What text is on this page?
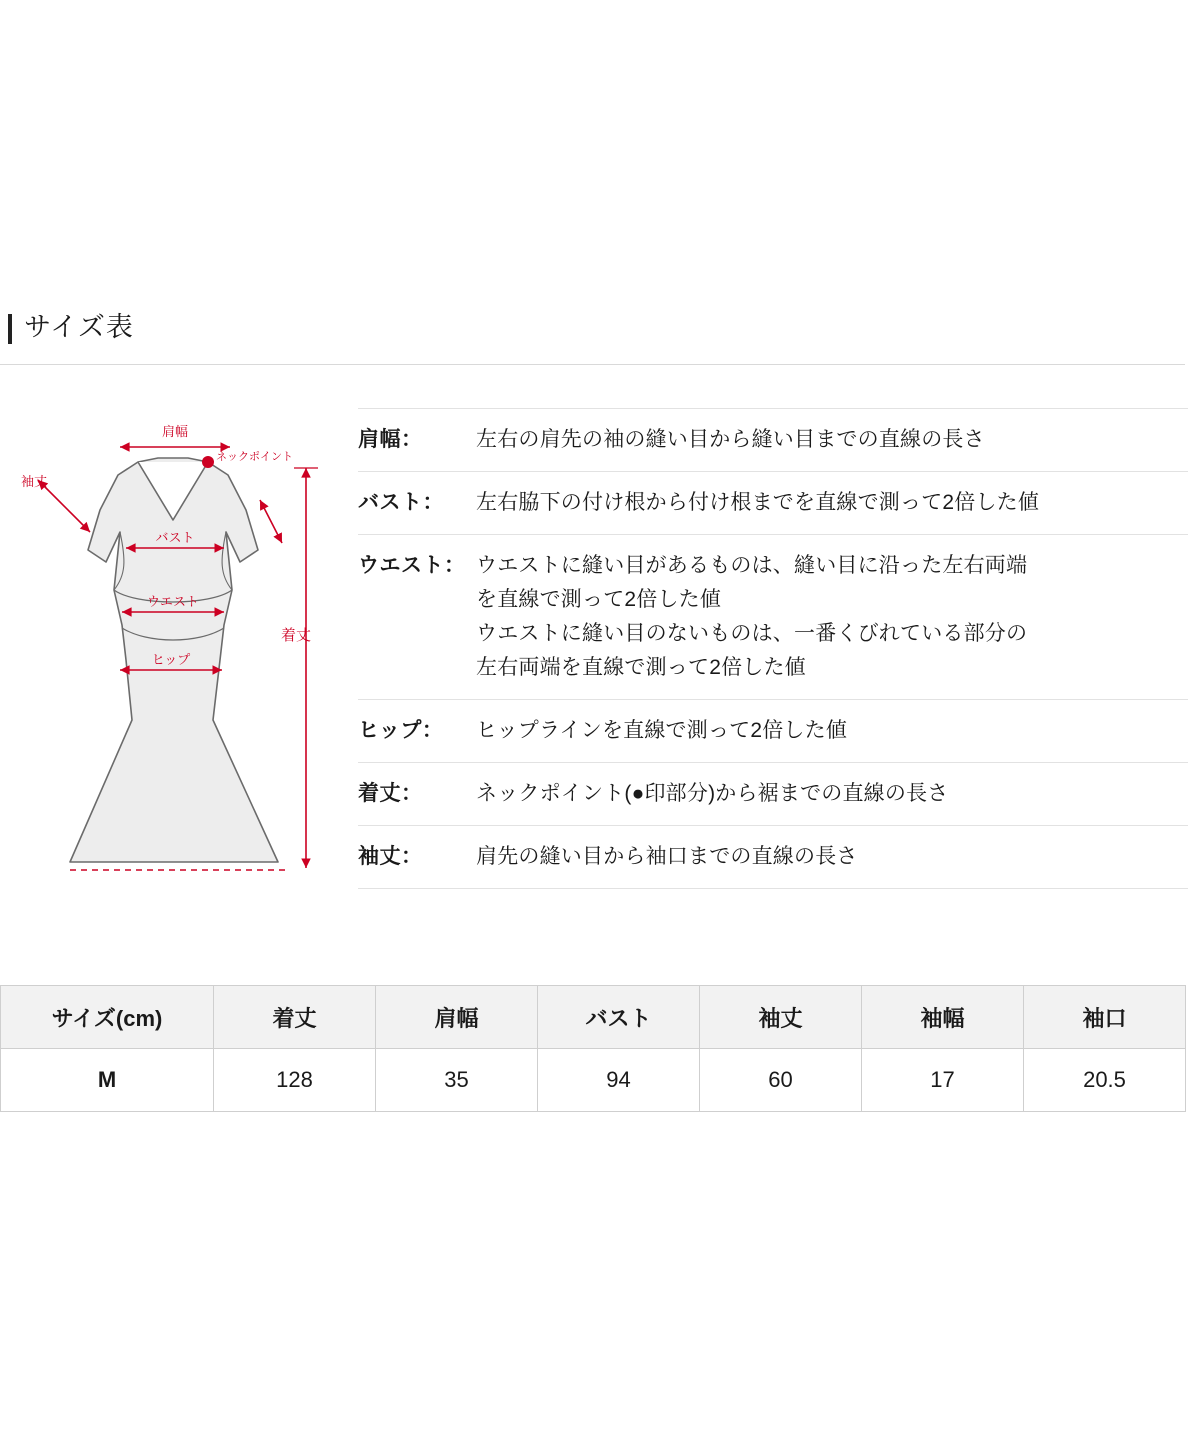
サイズ表
肩幅
ネックポイント
袖丈
バスト
ウエスト
ヒップ
着丈
肩幅：	左右の肩先の袖の縫い目から縫い目までの直線の長さ
バスト：	左右脇下の付け根から付け根までを直線で測って2倍した値
ウエスト： ウエストに縫い目があるものは、縫い目に沿った左右両端
を直線で測って2倍した値
ウエストに縫い目のないものは、一番くびれている部分の
左右両端を直線で測って2倍した値
ヒップ：	ヒップラインを直線で測って2倍した値
着丈：	ネックポイント(●印部分)から裾までの直線の長さ
袖丈：	肩先の縫い目から袖口までの直線の長さ
サイズ(cm)	着丈	肩幅	バスト	袖丈	袖幅	袖口
M	128	35	94	60	17	20.5
